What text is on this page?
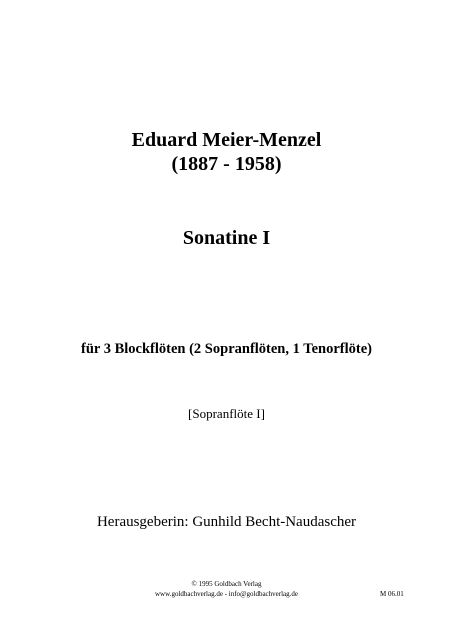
Eduard Meier-Menzel
(1887 - 1958)
Sonatine I
für 3 Blockflöten (2 Sopranflöten, 1 Tenorflöte)
[Sopranflöte I]
Herausgeberin: Gunhild Becht-Naudascher
© 1995 Goldbach Verlag
www.goldbachverlag.de - info@goldbachverlag.de	M 06.01
